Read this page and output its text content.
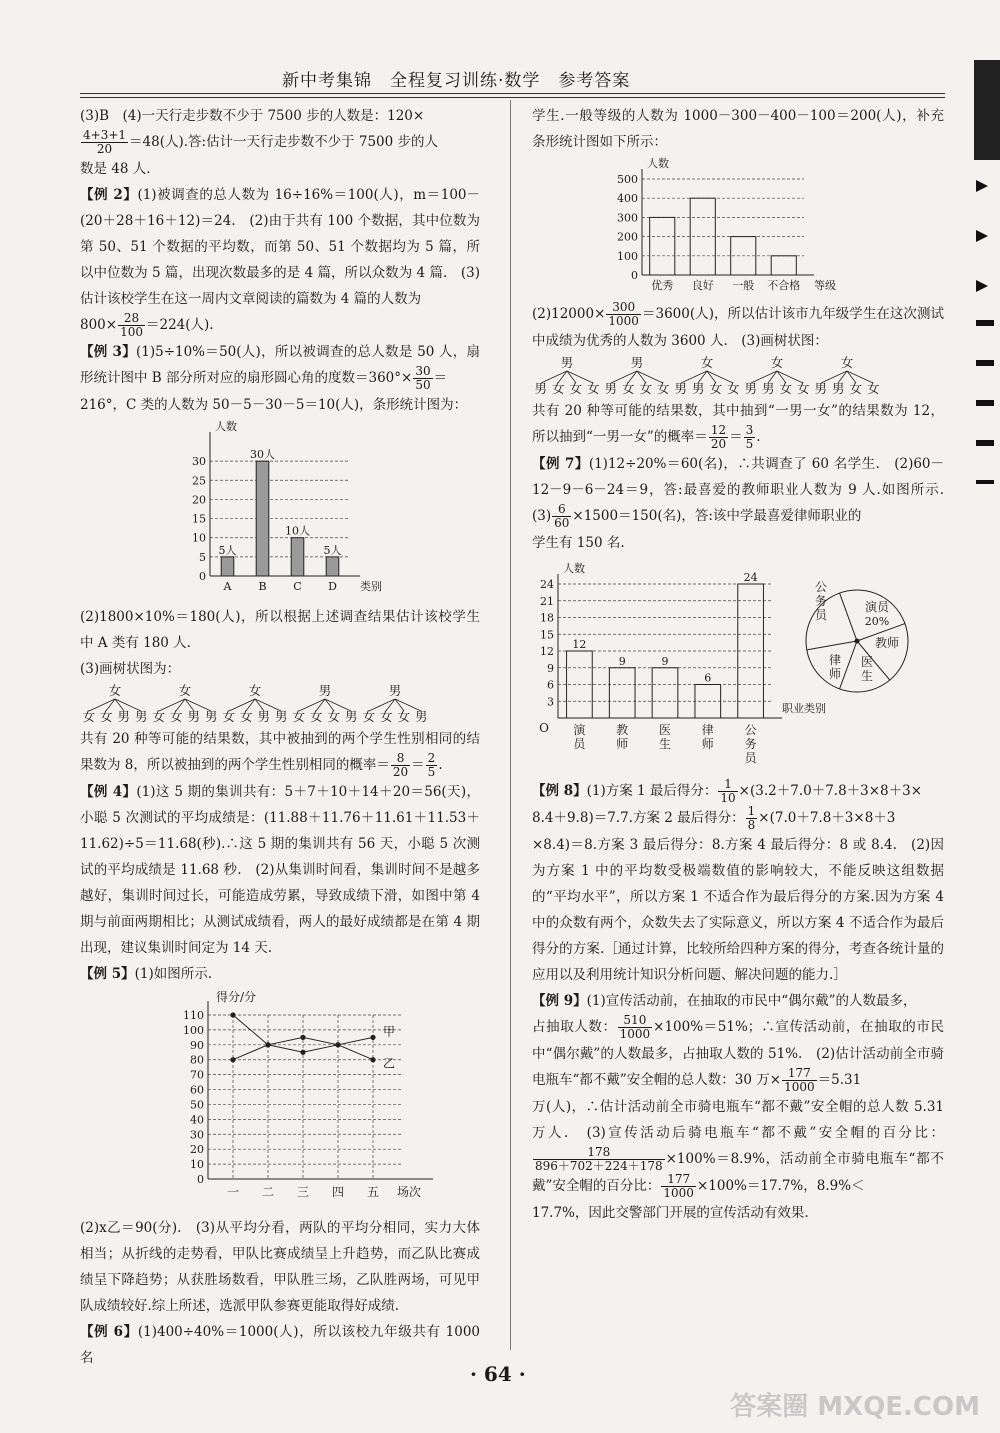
新中考集锦　全程复习训练·数学　参考答案

(3)B　(4)一天行走步数不少于 7500 步的人数是：120×

$\frac{4+3+1}{20} =48$(人).答:估计一天行走步数不少于 7500 步的人

数是 48 人.

【例 2】(1)被调查的总人数为 16÷16%＝100(人)，m＝100－(20＋28＋16＋12)＝24.　(2)由于共有 100 个数据，其中位数为第 50、51 个数据的平均数，而第 50、51 个数据均为 5 篇，所以中位数为 5 篇，出现次数最多的是 4 篇，所以众数为 4 篇.　(3)估计该校学生在这一周内文章阅读的篇数为 4 篇的人数为

$800\times \frac{28}{100} =224$(人).

【例 3】(1)5÷10%＝50(人)，所以被调查的总人数是 50 人，扇形统计图中 B 部分所对应的扇形圆心角的度数$=360^\circ\times \frac{30}{50}$ ＝

216°，C 类的人数为 50－5－30－5＝10(人)，条形统计图为：

0
5
10
15
20
25
30
人数
类别
5人
A
30人
B
10人
C
5人
D

(2)1800×10%＝180(人)，所以根据上述调查结果估计该校学生中 A 类有 180 人.

(3)画树状图为：

女
女 女 男 男
女
女 女 男 男
女
女 女 男 男
男
女 女 女 男
男
女 女 女 男

共有 20 种等可能的结果数，其中被抽到的两个学生性别相同的结果数为 8，所以被抽到的两个学生性别相同的概率＝ $\frac{8}{20} = \frac{2}{5}$ .

【例 4】(1)这 5 期的集训共有：5＋7＋10＋14＋20＝56(天)，小聪 5 次测试的平均成绩是：(11.88＋11.76＋11.61＋11.53＋11.62)÷5＝11.68(秒).∴这 5 期的集训共有 56 天，小聪 5 次测试的平均成绩是 11.68 秒.　(2)从集训时间看，集训时间不是越多越好，集训时间过长，可能造成劳累，导致成绩下滑，如图中第 4 期与前面两期相比；从测试成绩看，两人的最好成绩都是在第 4 期出现，建议集训时间定为 14 天.

【例 5】(1)如图所示.

0
10
20
30
40
50
60
70
80
90
100
110
得分/分
一 二 三 四 五 场次
甲
乙

(2)x乙＝90(分).　(3)从平均分看，两队的平均分相同，实力大体相当；从折线的走势看，甲队比赛成绩呈上升趋势，而乙队比赛成绩呈下降趋势；从获胜场数看，甲队胜三场，乙队胜两场，可见甲队成绩较好.综上所述，选派甲队参赛更能取得好成绩.

【例 6】(1)400÷40%＝1000(人)，所以该校九年级共有 1000 名

学生.一般等级的人数为 1000－300－400－100＝200(人)，补充条形统计图如下所示：

0
100
200
300
400
500
人数
等级
优秀 良好 一般 不合格

$(2)12000\times \frac{300}{1000} =3600$(人)，所以估计该市九年级学生在这次测试中成绩为优秀的人数为 3600 人.　(3)画树状图：

男
男 女 女 女
男
男 女 女 女
女
男 男 女 女
女
男 男 女 女
女
男 男 女 女

共有 20 种等可能的结果数，其中抽到“一男一女”的结果数为 12，所以抽到“一男一女”的概率＝ $\frac{12}{20} = \frac{3}{5}$ .

【例 7】(1)12÷20%＝60(名)，∴共调查了 60 名学生.　(2)60－12－9－6－24＝9，答:最喜爱的教师职业人数为 9 人.如图所示.　$(3) \frac{6}{60} \times 1500=150$(名)，答:该中学最喜爱律师职业的

学生有 150 名.

3
6
9
12
15
18
21
24
O
人数
职业类别
12
演
员
9
教
师
9
医
生
6
律
师
24
公
务
员
公
务
员
演员
20%
教师
医
生
律
师

【例 8】(1)方案 1 最后得分： $\frac{1}{10} \times(3.2+7.0+7.8+3\times 8+3\times$

8.4＋9.8)＝7.7.方案 2 最后得分： $\frac{1}{8} \times(7.0+7.8+3\times 8+3$

×8.4)＝8.方案 3 最后得分：8.方案 4 最后得分：8 或 8.4.　(2)因为方案 1 中的平均数受极端数值的影响较大，不能反映这组数据的“平均水平”，所以方案 1 不适合作为最后得分的方案.因为方案 4 中的众数有两个，众数失去了实际意义，所以方案 4 不适合作为最后得分的方案.［通过计算，比较所给四种方案的得分，考查各统计量的应用以及利用统计知识分析问题、解决问题的能力.］

【例 9】(1)宣传活动前，在抽取的市民中“偶尔戴”的人数最多，

占抽取人数： $\frac{510}{1000} \times 100\%=51\%$；∴宣传活动前，在抽取的市民中“偶尔戴”的人数最多，占抽取人数的 51%.　(2)估计活动前全市骑电瓶车“都不戴”安全帽的总人数：30 万× $\frac{177}{1000} =5.31$

万(人)，∴估计活动前全市骑电瓶车“都不戴”安全帽的总人数 5.31 万人.　(3)宣传活动后骑电瓶车“都不戴”安全帽的百分比：
$\frac{178}{896+702+224+178} \times 100\%=8.9\%$，活动前全市骑电瓶车“都不戴”安全帽的百分比： $\frac{177}{1000} \times 100\%=17.7\%$，8.9%＜

17.7%，因此交警部门开展的宣传活动有效果.

· 64 ·
答案圈 MXQE.COM
